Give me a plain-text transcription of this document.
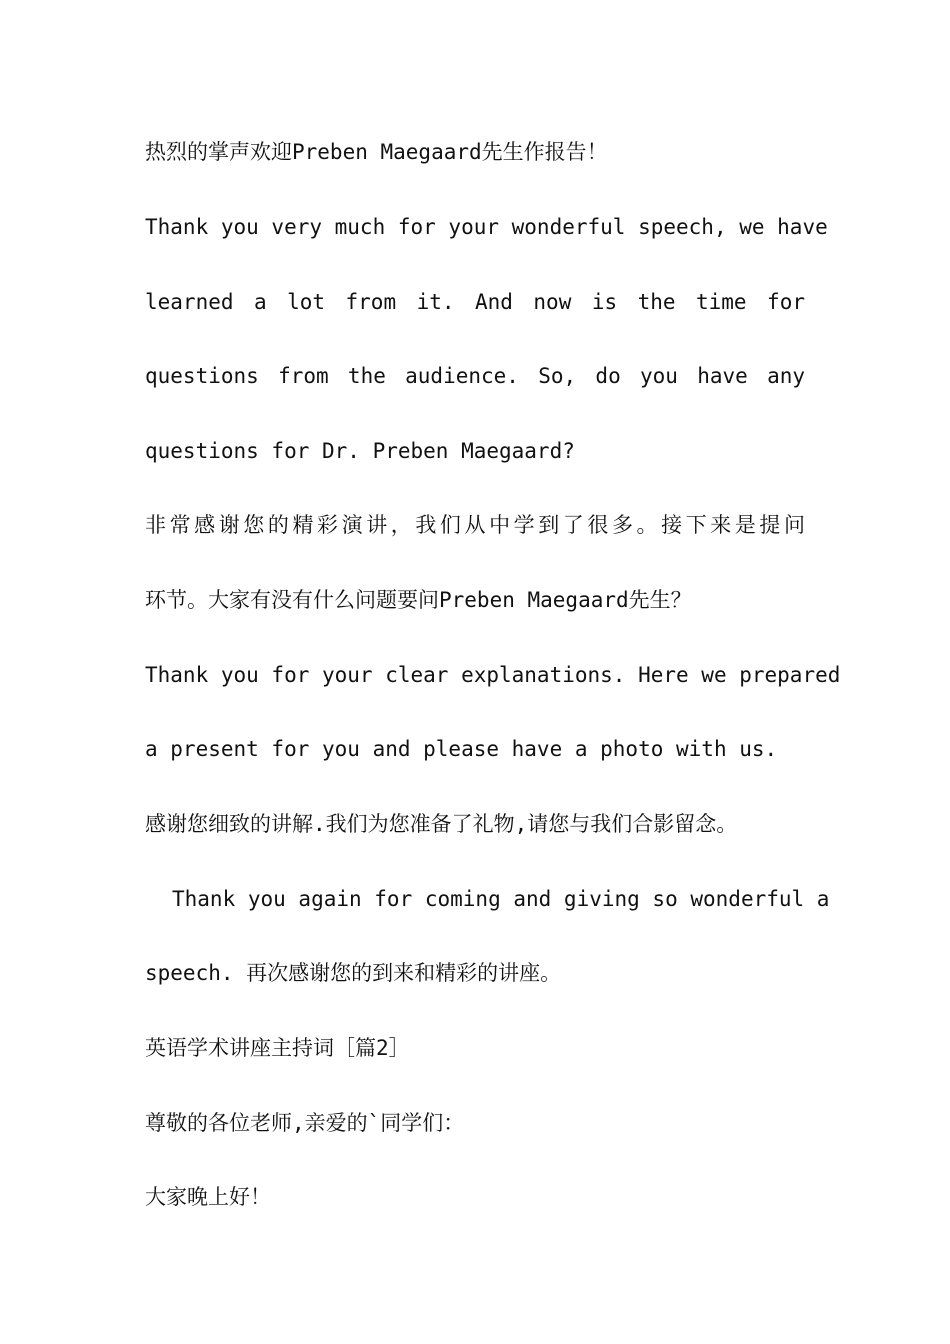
热烈的掌声欢迎Preben Maegaard先生作报告！
Thank you very much for your wonderful speech, we have
learned a lot from it. And now is the time for
questions from the audience. So, do you have any
questions for Dr. Preben Maegaard?
非常感谢您的精彩演讲，我们从中学到了很多。接下来是提问
环节。大家有没有什么问题要问Preben Maegaard先生？
Thank you for your clear explanations. Here we prepared
a present for you and please have a photo with us.
感谢您细致的讲解.我们为您准备了礼物,请您与我们合影留念。
Thank you again for coming and giving so wonderful a
speech. 再次感谢您的到来和精彩的讲座。
英语学术讲座主持词［篇2］
尊敬的各位老师,亲爱的`同学们：
大家晚上好！
